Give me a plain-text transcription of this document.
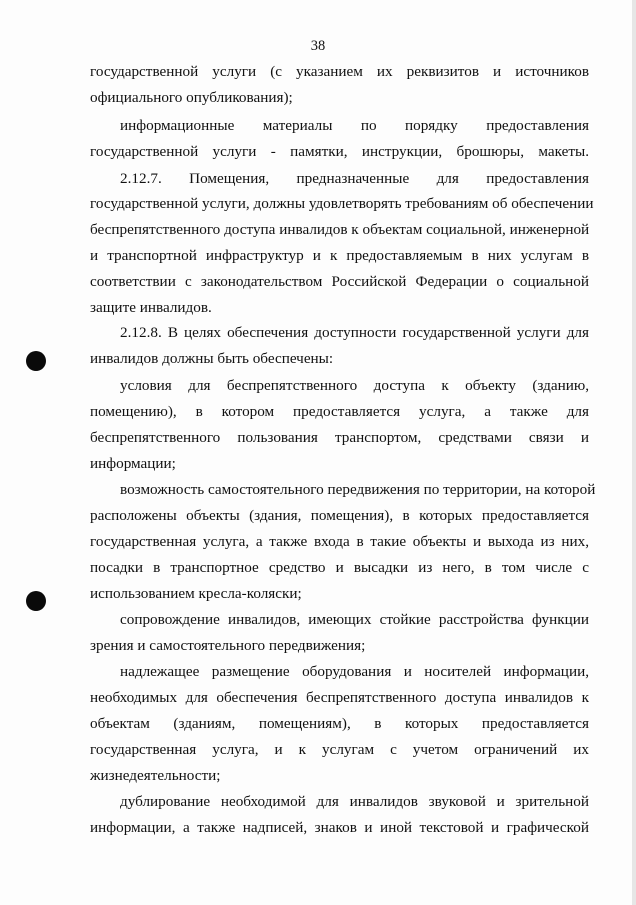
38
государственной услуги (с указанием их реквизитов и источников
официального опубликования);
информационные материалы по порядку предоставления
государственной услуги - памятки, инструкции, брошюры, макеты.
2.12.7. Помещения, предназначенные для предоставления
государственной услуги, должны удовлетворять требованиям об обеспечении
беспрепятственного доступа инвалидов к объектам социальной, инженерной
и транспортной инфраструктур и к предоставляемым в них услугам в
соответствии с законодательством Российской Федерации о социальной
защите инвалидов.
2.12.8. В целях обеспечения доступности государственной услуги для
инвалидов должны быть обеспечены:
условия для беспрепятственного доступа к объекту (зданию,
помещению), в котором предоставляется услуга, а также для
беспрепятственного пользования транспортом, средствами связи и
информации;
возможность самостоятельного передвижения по территории, на которой
расположены объекты (здания, помещения), в которых предоставляется
государственная услуга, а также входа в такие объекты и выхода из них,
посадки в транспортное средство и высадки из него, в том числе с
использованием кресла-коляски;
сопровождение инвалидов, имеющих стойкие расстройства функции
зрения и самостоятельного передвижения;
надлежащее размещение оборудования и носителей информации,
необходимых для обеспечения беспрепятственного доступа инвалидов к
объектам (зданиям, помещениям), в которых предоставляется
государственная услуга, и к услугам с учетом ограничений их
жизнедеятельности;
дублирование необходимой для инвалидов звуковой и зрительной
информации, а также надписей, знаков и иной текстовой и графической
